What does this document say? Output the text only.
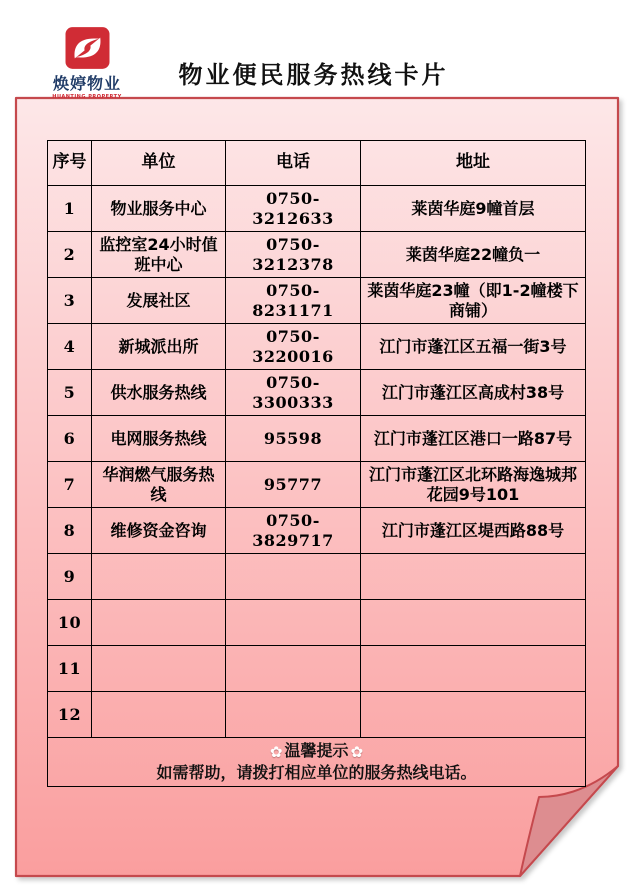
焕婷物业
HUANTING PROPERTY
物业便民服务热线卡片
序号	单位	电话	地址
1	物业服务中心	0750-3212633	莱茵华庭9幢首层
2	监控室24小时值班中心	0750-3212378	莱茵华庭22幢负一
3	发展社区	0750-8231171	莱茵华庭23幢（即1-2幢楼下商铺）
4	新城派出所	0750-3220016	江门市蓬江区五福一街3号
5	供水服务热线	0750-3300333	江门市蓬江区高成村38号
6	电网服务热线	95598	江门市蓬江区港口一路87号
7	华润燃气服务热线	95777	江门市蓬江区北环路海逸城邦花园9号101
8	维修资金咨询	0750-3829717	江门市蓬江区堤西路88号
9			
10			
11			
12			

✿ 温馨提示 ✿
如需帮助，请拨打相应单位的服务热线电话。			
